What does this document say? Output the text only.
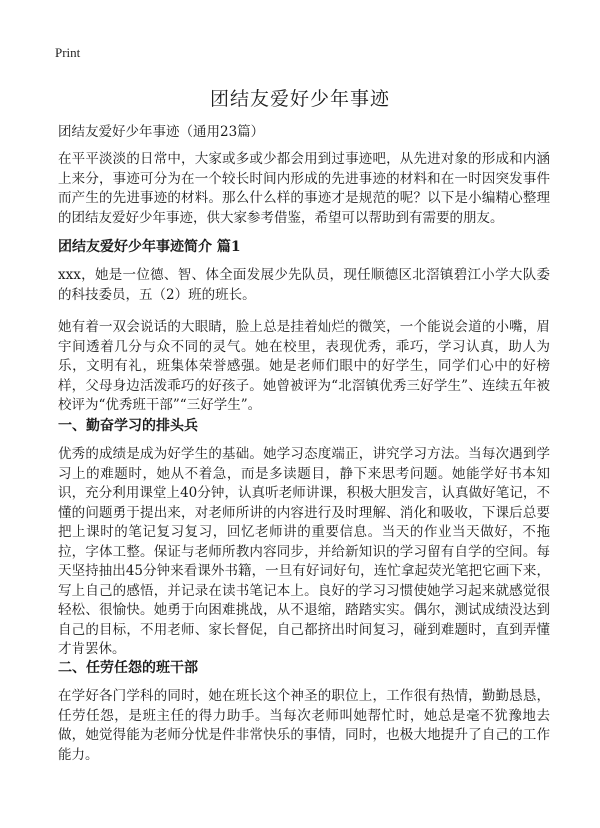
Print
团结友爱好少年事迹

团结友爱好少年事迹（通用23篇）

在平平淡淡的日常中，大家或多或少都会用到过事迹吧，从先进对象的形成和内涵上来分，事迹可分为在一个较长时间内形成的先进事迹的材料和在一时因突发事件而产生的先进事迹的材料。那么什么样的事迹才是规范的呢？以下是小编精心整理的团结友爱好少年事迹，供大家参考借鉴，希望可以帮助到有需要的朋友。

团结友爱好少年事迹简介 篇1

xxx，她是一位德、智、体全面发展少先队员，现任顺德区北滘镇碧江小学大队委的科技委员，五（2）班的班长。

她有着一双会说话的大眼睛，脸上总是挂着灿烂的微笑，一个能说会道的小嘴，眉宇间透着几分与众不同的灵气。她在校里，表现优秀，乖巧，学习认真，助人为乐，文明有礼，班集体荣誉感强。她是老师们眼中的好学生，同学们心中的好榜样，父母身边活泼乖巧的好孩子。她曾被评为“北滘镇优秀三好学生”、连续五年被校评为“优秀班干部”“三好学生”。

一、勤奋学习的排头兵

优秀的成绩是成为好学生的基础。她学习态度端正，讲究学习方法。当每次遇到学习上的难题时，她从不着急，而是多读题目，静下来思考问题。她能学好书本知识，充分利用课堂上40分钟，认真听老师讲课，积极大胆发言，认真做好笔记，不懂的问题勇于提出来，对老师所讲的内容进行及时理解、消化和吸收，下课后总要把上课时的笔记复习复习，回忆老师讲的重要信息。当天的作业当天做好，不拖拉，字体工整。保证与老师所教内容同步，并给新知识的学习留有自学的空间。每天坚持抽出45分钟来看课外书籍，一旦有好词好句，连忙拿起荧光笔把它画下来，写上自己的感悟，并记录在读书笔记本上。良好的学习习惯使她学习起来就感觉很轻松、很愉快。她勇于向困难挑战，从不退缩，踏踏实实。偶尔，测试成绩没达到自己的目标，不用老师、家长督促，自己都挤出时间复习，碰到难题时，直到弄懂才肯罢休。

二、任劳任怨的班干部

在学好各门学科的同时，她在班长这个神圣的职位上，工作很有热情，勤勤恳恳，任劳任怨，是班主任的得力助手。当每次老师叫她帮忙时，她总是毫不犹豫地去做，她觉得能为老师分忧是件非常快乐的事情，同时，也极大地提升了自己的工作能力。
